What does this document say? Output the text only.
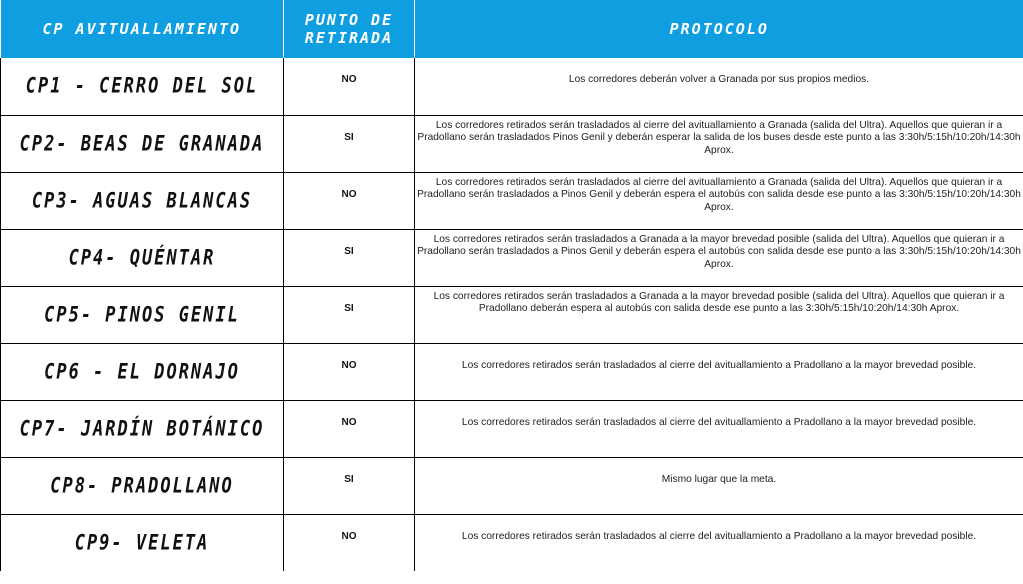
CP AVITUALLAMIENTO	PUNTO DE
RETIRADA	PROTOCOLO
CP1 - CERRO DEL SOL	NO	Los corredores deberán volver a Granada por sus propios medios.
CP2- BEAS DE GRANADA	SI	Los corredores retirados serán trasladados al cierre del avituallamiento a Granada (salida del Ultra). Aquellos que quieran ir a Pradollano serán trasladados Pinos Genil y deberán esperar la salida de los buses desde este punto a las 3:30h/5:15h/10:20h/14:30h Aprox.
CP3- AGUAS BLANCAS	NO	Los corredores retirados serán trasladados al cierre del avituallamiento a Granada (salida del Ultra). Aquellos que quieran ir a Pradollano serán trasladados a Pinos Genil y deberán espera el autobús con salida desde ese punto a las 3:30h/5:15h/10:20h/14:30h Aprox.
CP4- QUÉNTAR	SI	Los corredores retirados serán trasladados a Granada a la mayor brevedad posible (salida del Ultra). Aquellos que quieran ir a Pradollano serán trasladados a Pinos Genil y deberán espera el autobús con salida desde ese punto a las 3:30h/5:15h/10:20h/14:30h Aprox.
CP5- PINOS GENIL	SI	Los corredores retirados serán trasladados a Granada a la mayor brevedad posible (salida del Ultra). Aquellos que quieran ir a Pradollano deberán espera al autobús con salida desde ese punto a las 3:30h/5:15h/10:20h/14:30h Aprox.
CP6 - EL DORNAJO	NO	Los corredores retirados serán trasladados al cierre del avituallamiento a Pradollano a la mayor brevedad posible.
CP7- JARDÍN BOTÁNICO	NO	Los corredores retirados serán trasladados al cierre del avituallamiento a Pradollano a la mayor brevedad posible.
CP8- PRADOLLANO	SI	Mismo lugar que la meta.
CP9- VELETA	NO	Los corredores retirados serán trasladados al cierre del avituallamiento a Pradollano a la mayor brevedad posible.
